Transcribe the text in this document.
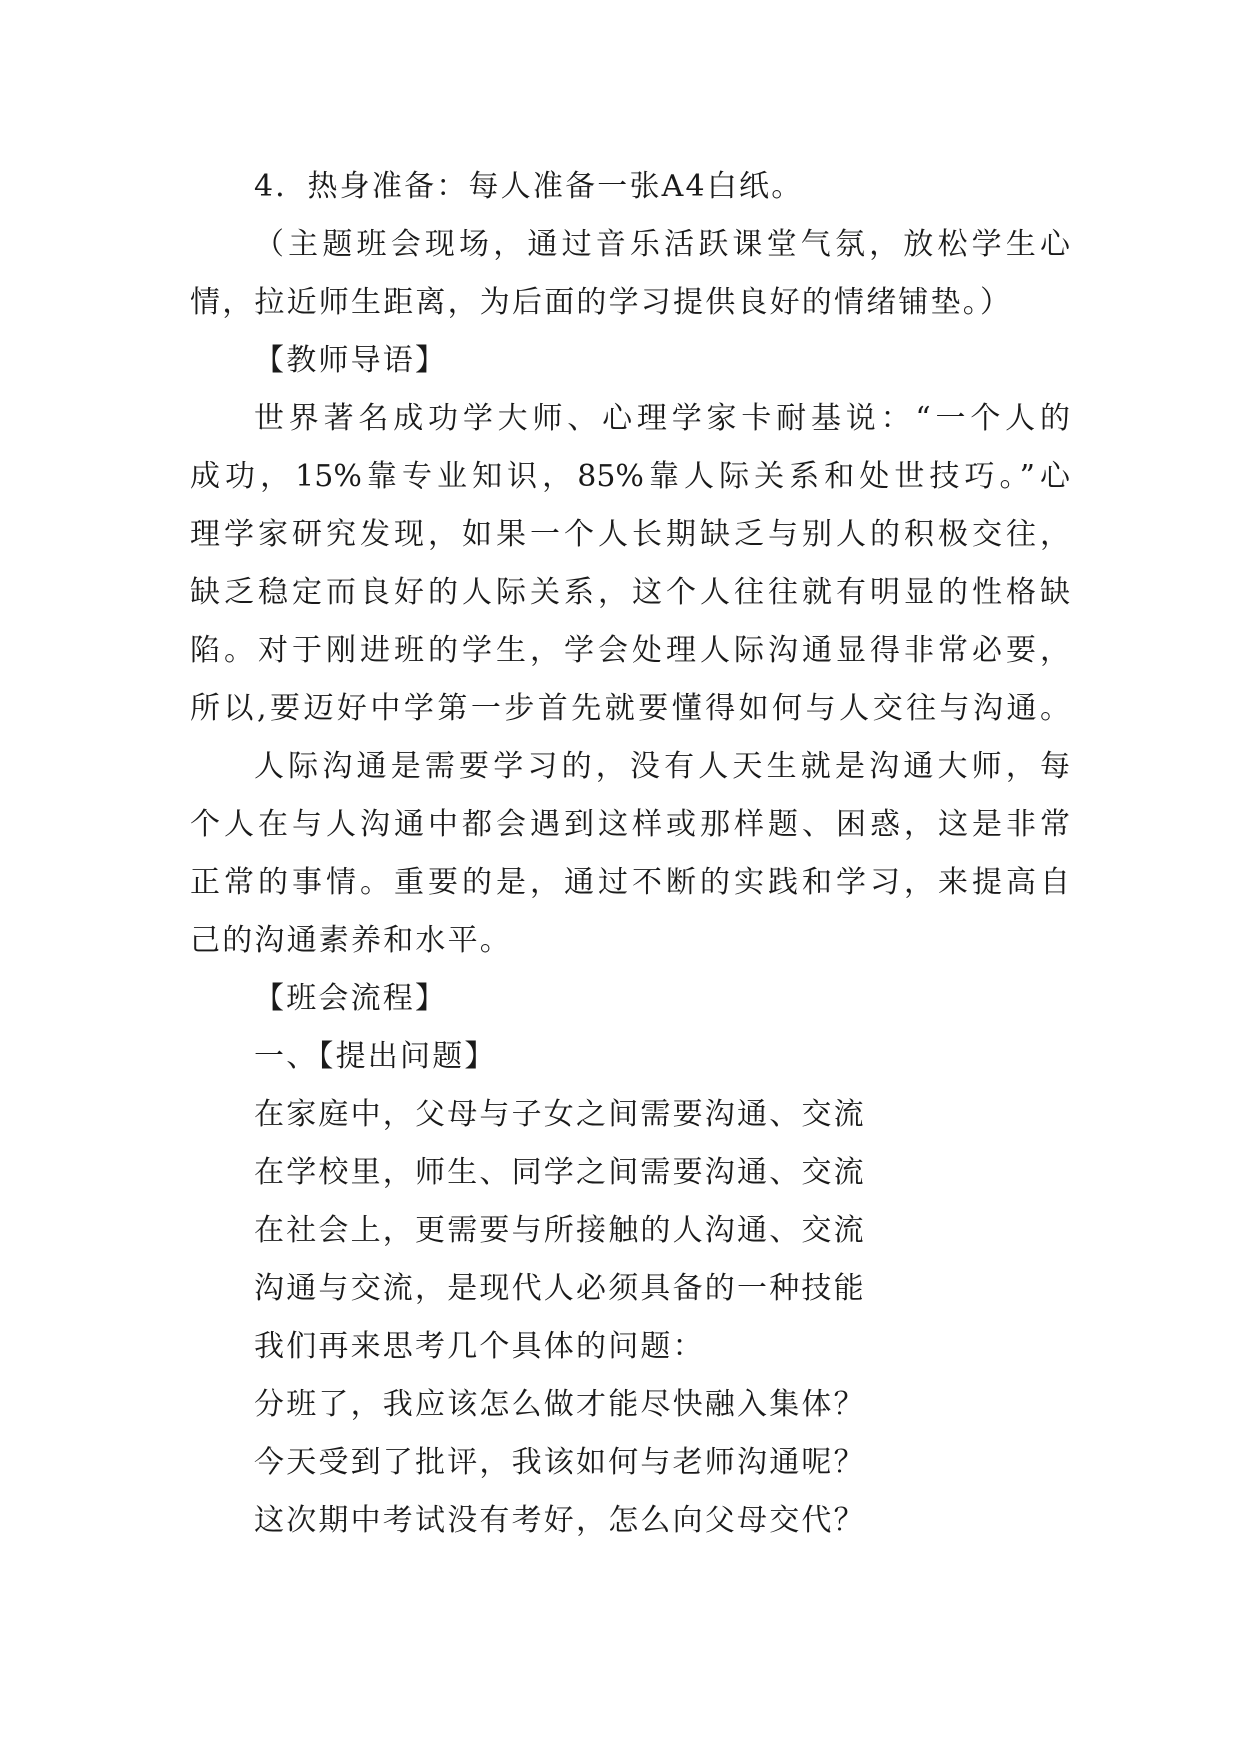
4．热身准备：每人准备一张A4白纸。
（主题班会现场，通过音乐活跃课堂气氛，放松学生心
情，拉近师生距离，为后面的学习提供良好的情绪铺垫。）
【教师导语】
世界著名成功学大师、心理学家卡耐基说：“一个人的
成功，15%靠专业知识，85%靠人际关系和处世技巧。”心
理学家研究发现，如果一个人长期缺乏与别人的积极交往，
缺乏稳定而良好的人际关系，这个人往往就有明显的性格缺
陷。对于刚进班的学生，学会处理人际沟通显得非常必要，
所以,要迈好中学第一步首先就要懂得如何与人交往与沟通。
人际沟通是需要学习的，没有人天生就是沟通大师，每
个人在与人沟通中都会遇到这样或那样题、困惑，这是非常
正常的事情。重要的是，通过不断的实践和学习，来提高自
己的沟通素养和水平。
【班会流程】
一、【提出问题】
在家庭中，父母与子女之间需要沟通、交流
在学校里，师生、同学之间需要沟通、交流
在社会上，更需要与所接触的人沟通、交流
沟通与交流，是现代人必须具备的一种技能
我们再来思考几个具体的问题：
分班了，我应该怎么做才能尽快融入集体？
今天受到了批评，我该如何与老师沟通呢？
这次期中考试没有考好，怎么向父母交代？
